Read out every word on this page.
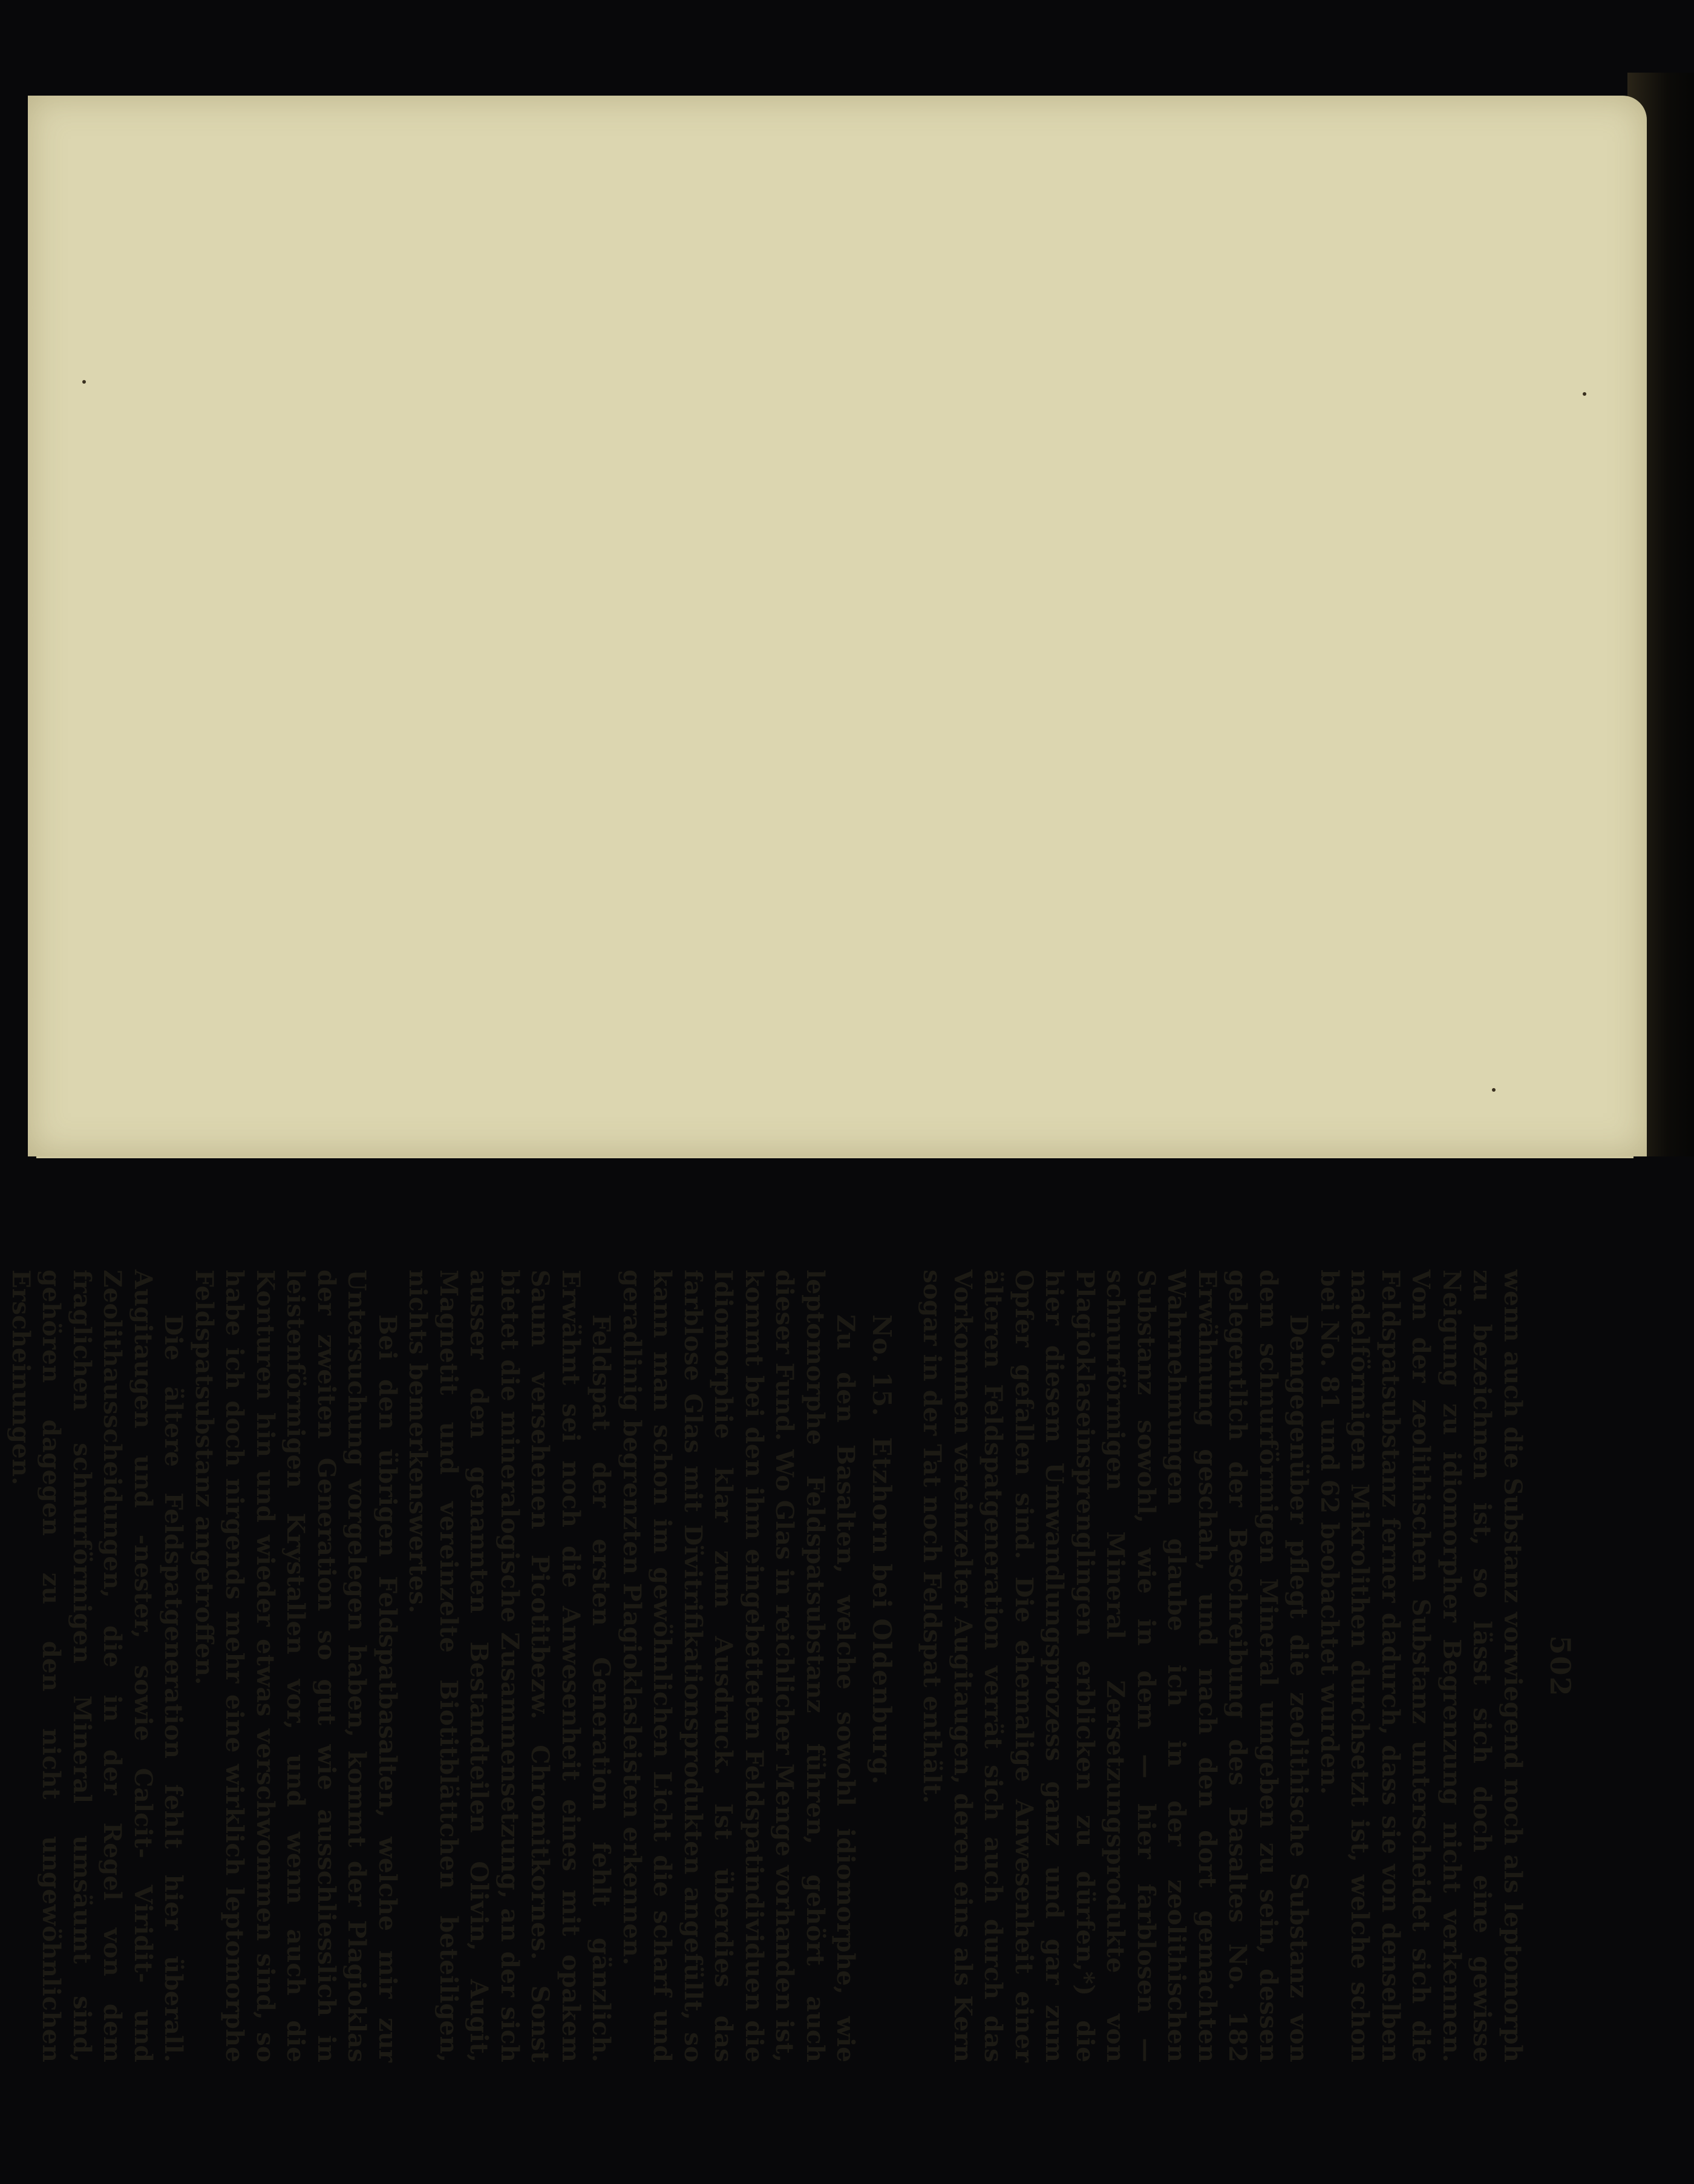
502

wenn auch die Substanz vorwiegend noch als leptomorph zu bezeichnen ist, so lässt sich doch eine gewisse Neigung zu idiomorpher Begrenzung nicht verkennen. Von der zeolithischen Substanz unterscheidet sich die Feldspatsubstanz ferner dadurch, dass sie von denselben nadelförmigen Mikrolithen durchsetzt ist, welche schon bei No. 81 und 62 beobachtet wurden.

Demgegenüber pflegt die zeolithische Substanz von dem schnurförmigen Mineral umgeben zu sein, dessen gelegentlich der Beschreibung des Basaltes No. 182 Erwähnung geschah, und nach den dort gemachten Wahrnehmungen glaube ich in der zeolithischen Substanz sowohl, wie in dem — hier farblosen — schnurförmigen Mineral Zersetzungsprodukte von Plagioklaseinsprenglingen erblicken zu dürfen,*) die hier diesem Umwandlungsprozess ganz und gar zum Opfer gefallen sind. Die ehemalige Anwesenheit einer älteren Feldspatgeneration verrät sich auch durch das Vorkommen vereinzelter Augitaugen, deren eins als Kern sogar in der Tat noch Feldspat enthält.

No. 15. Etzhorn bei Oldenburg.

Zu den Basalten, welche sowohl idiomorphe, wie leptomorphe Feldspatsubstanz führen, gehört auch dieser Fund. Wo Glas in reichlicher Menge vorhanden ist, kommt bei den ihm eingebetteten Feldspatindividuen die Idiomorphie klar zum Ausdruck. Ist überdies das farblose Glas mit Dïvitrifikationsprodukten angefüllt, so kann man schon im gewöhnlichen Licht die scharf und geradlinig begrenzten Plagioklasleisten erkennen.

Feldspat der ersten Generation fehlt gänzlich. Erwähnt sei noch die Anwesenheit eines mit opakem Saum versehenen Picotitbezw. Chromitkornes. Sonst bietet die mineralogische Zusammensetzung, an der sich ausser den genannten Bestandteilen Olivin, Augit, Magnetit und vereinzelte Biotitblättchen beteiligen, nichts bemerkenswertes.

Bei den übrigen Feldspatbasalten, welche mir zur Untersuchung vorgelegen haben, kommt der Plagioklas der zweiten Generation so gut wie ausschliesslich in leistenförmigen Krystallen vor, und wenn auch die Konturen hin und wieder etwas verschwommen sind, so habe ich doch nirgends mehr eine wirklich leptomorphe Feldspatsubstanz angetroffen.

Die ältere Feldspatgeneration fehlt hier überall. Augitaugen und -nester, sowie Calcit- Viridit- und Zeolithausscheidungen, die in der Regel von dem fraglichen schnurförmigen Mineral umsäumt sind, gehören dagegen zu den nicht ungewöhnlichen Erscheinungen.
